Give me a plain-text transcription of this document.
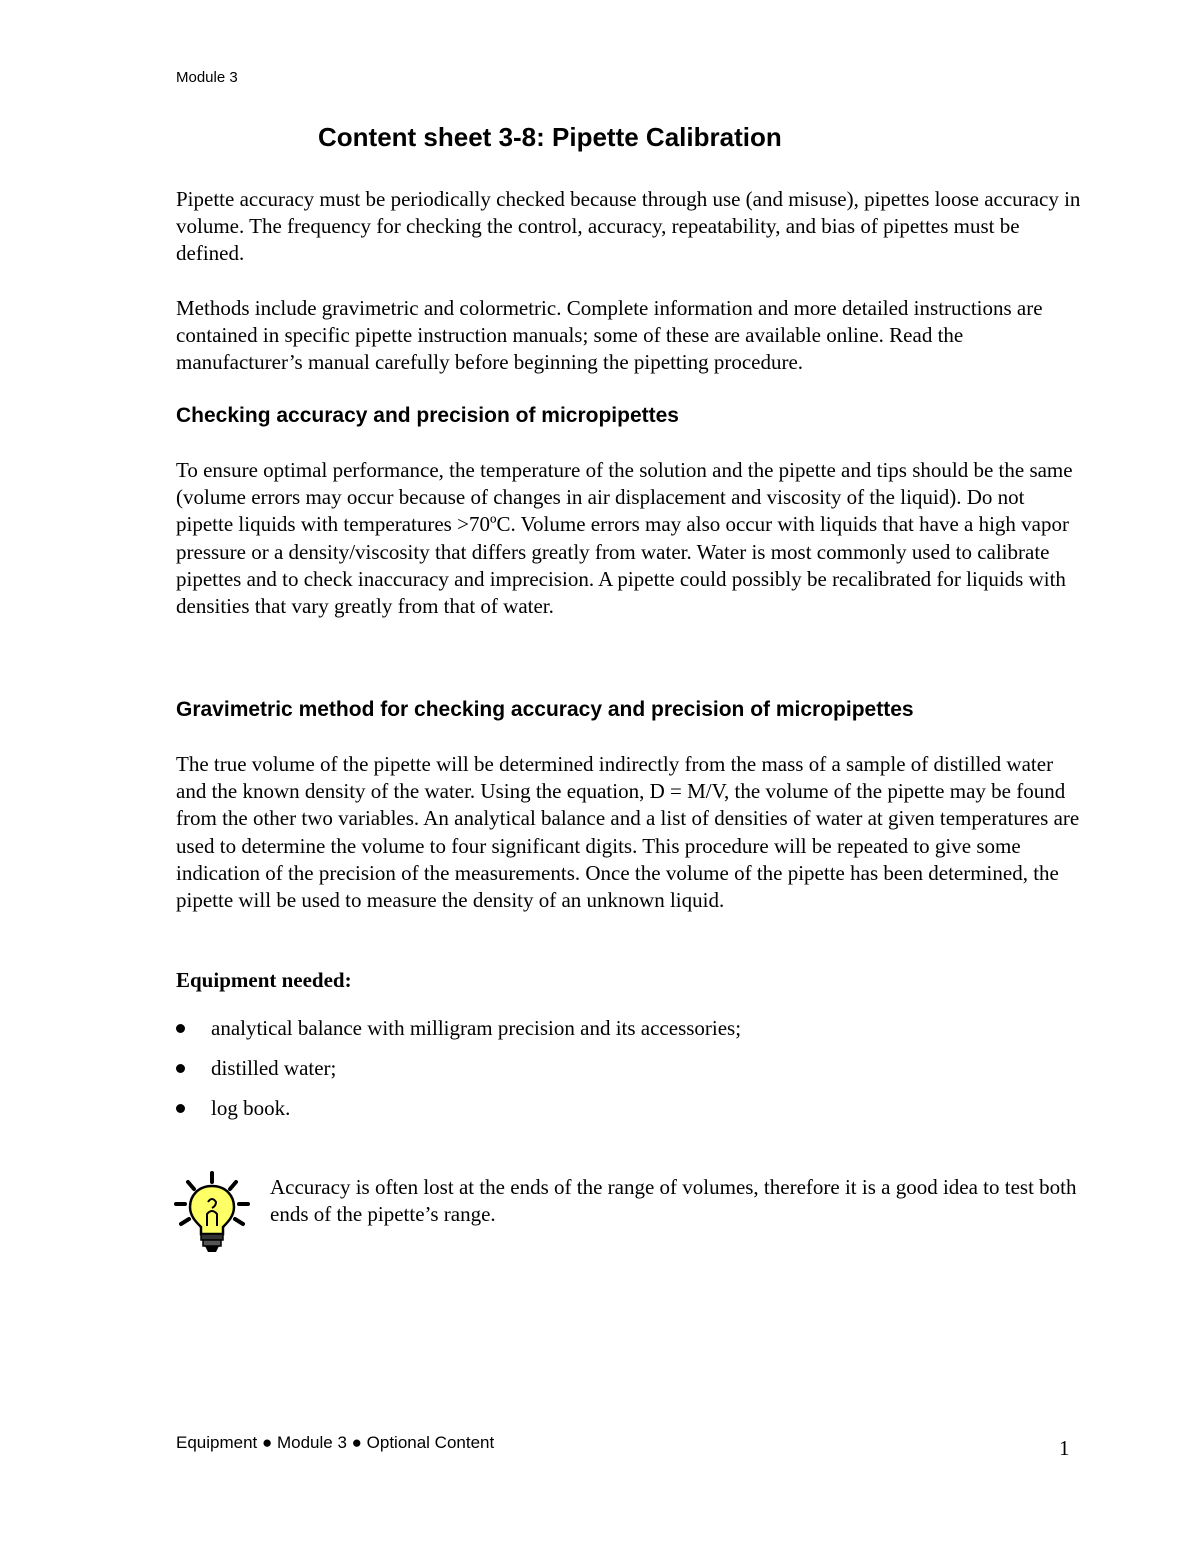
Module 3
Content sheet 3-8: Pipette Calibration

Pipette accuracy must be periodically checked because through use (and misuse), pipettes loose accuracy in volume. The frequency for checking the control, accuracy, repeatability, and bias of pipettes must be defined.

Methods include gravimetric and colormetric. Complete information and more detailed instructions are contained in specific pipette instruction manuals; some of these are available online. Read the manufacturer’s manual carefully before beginning the pipetting procedure.

Checking accuracy and precision of micropipettes

To ensure optimal performance, the temperature of the solution and the pipette and tips should be the same (volume errors may occur because of changes in air displacement and viscosity of the liquid). Do not pipette liquids with temperatures >70ºC. Volume errors may also occur with liquids that have a high vapor pressure or a density/viscosity that differs greatly from water. Water is most commonly used to calibrate pipettes and to check inaccuracy and imprecision. A pipette could possibly be recalibrated for liquids with densities that vary greatly from that of water.

Gravimetric method for checking accuracy and precision of micropipettes

The true volume of the pipette will be determined indirectly from the mass of a sample of distilled water and the known density of the water. Using the equation, D = M/V, the volume of the pipette may be found from the other two variables. An analytical balance and a list of densities of water at given temperatures are used to determine the volume to four significant digits. This procedure will be repeated to give some indication of the precision of the measurements. Once the volume of the pipette has been determined, the pipette will be used to measure the density of an unknown liquid.

Equipment needed:
analytical balance with milligram precision and its accessories;
distilled water;
log book.

Accuracy is often lost at the ends of the range of volumes, therefore it is a good idea to test both ends of the pipette’s range.

Equipment ● Module 3 ● Optional Content	1
